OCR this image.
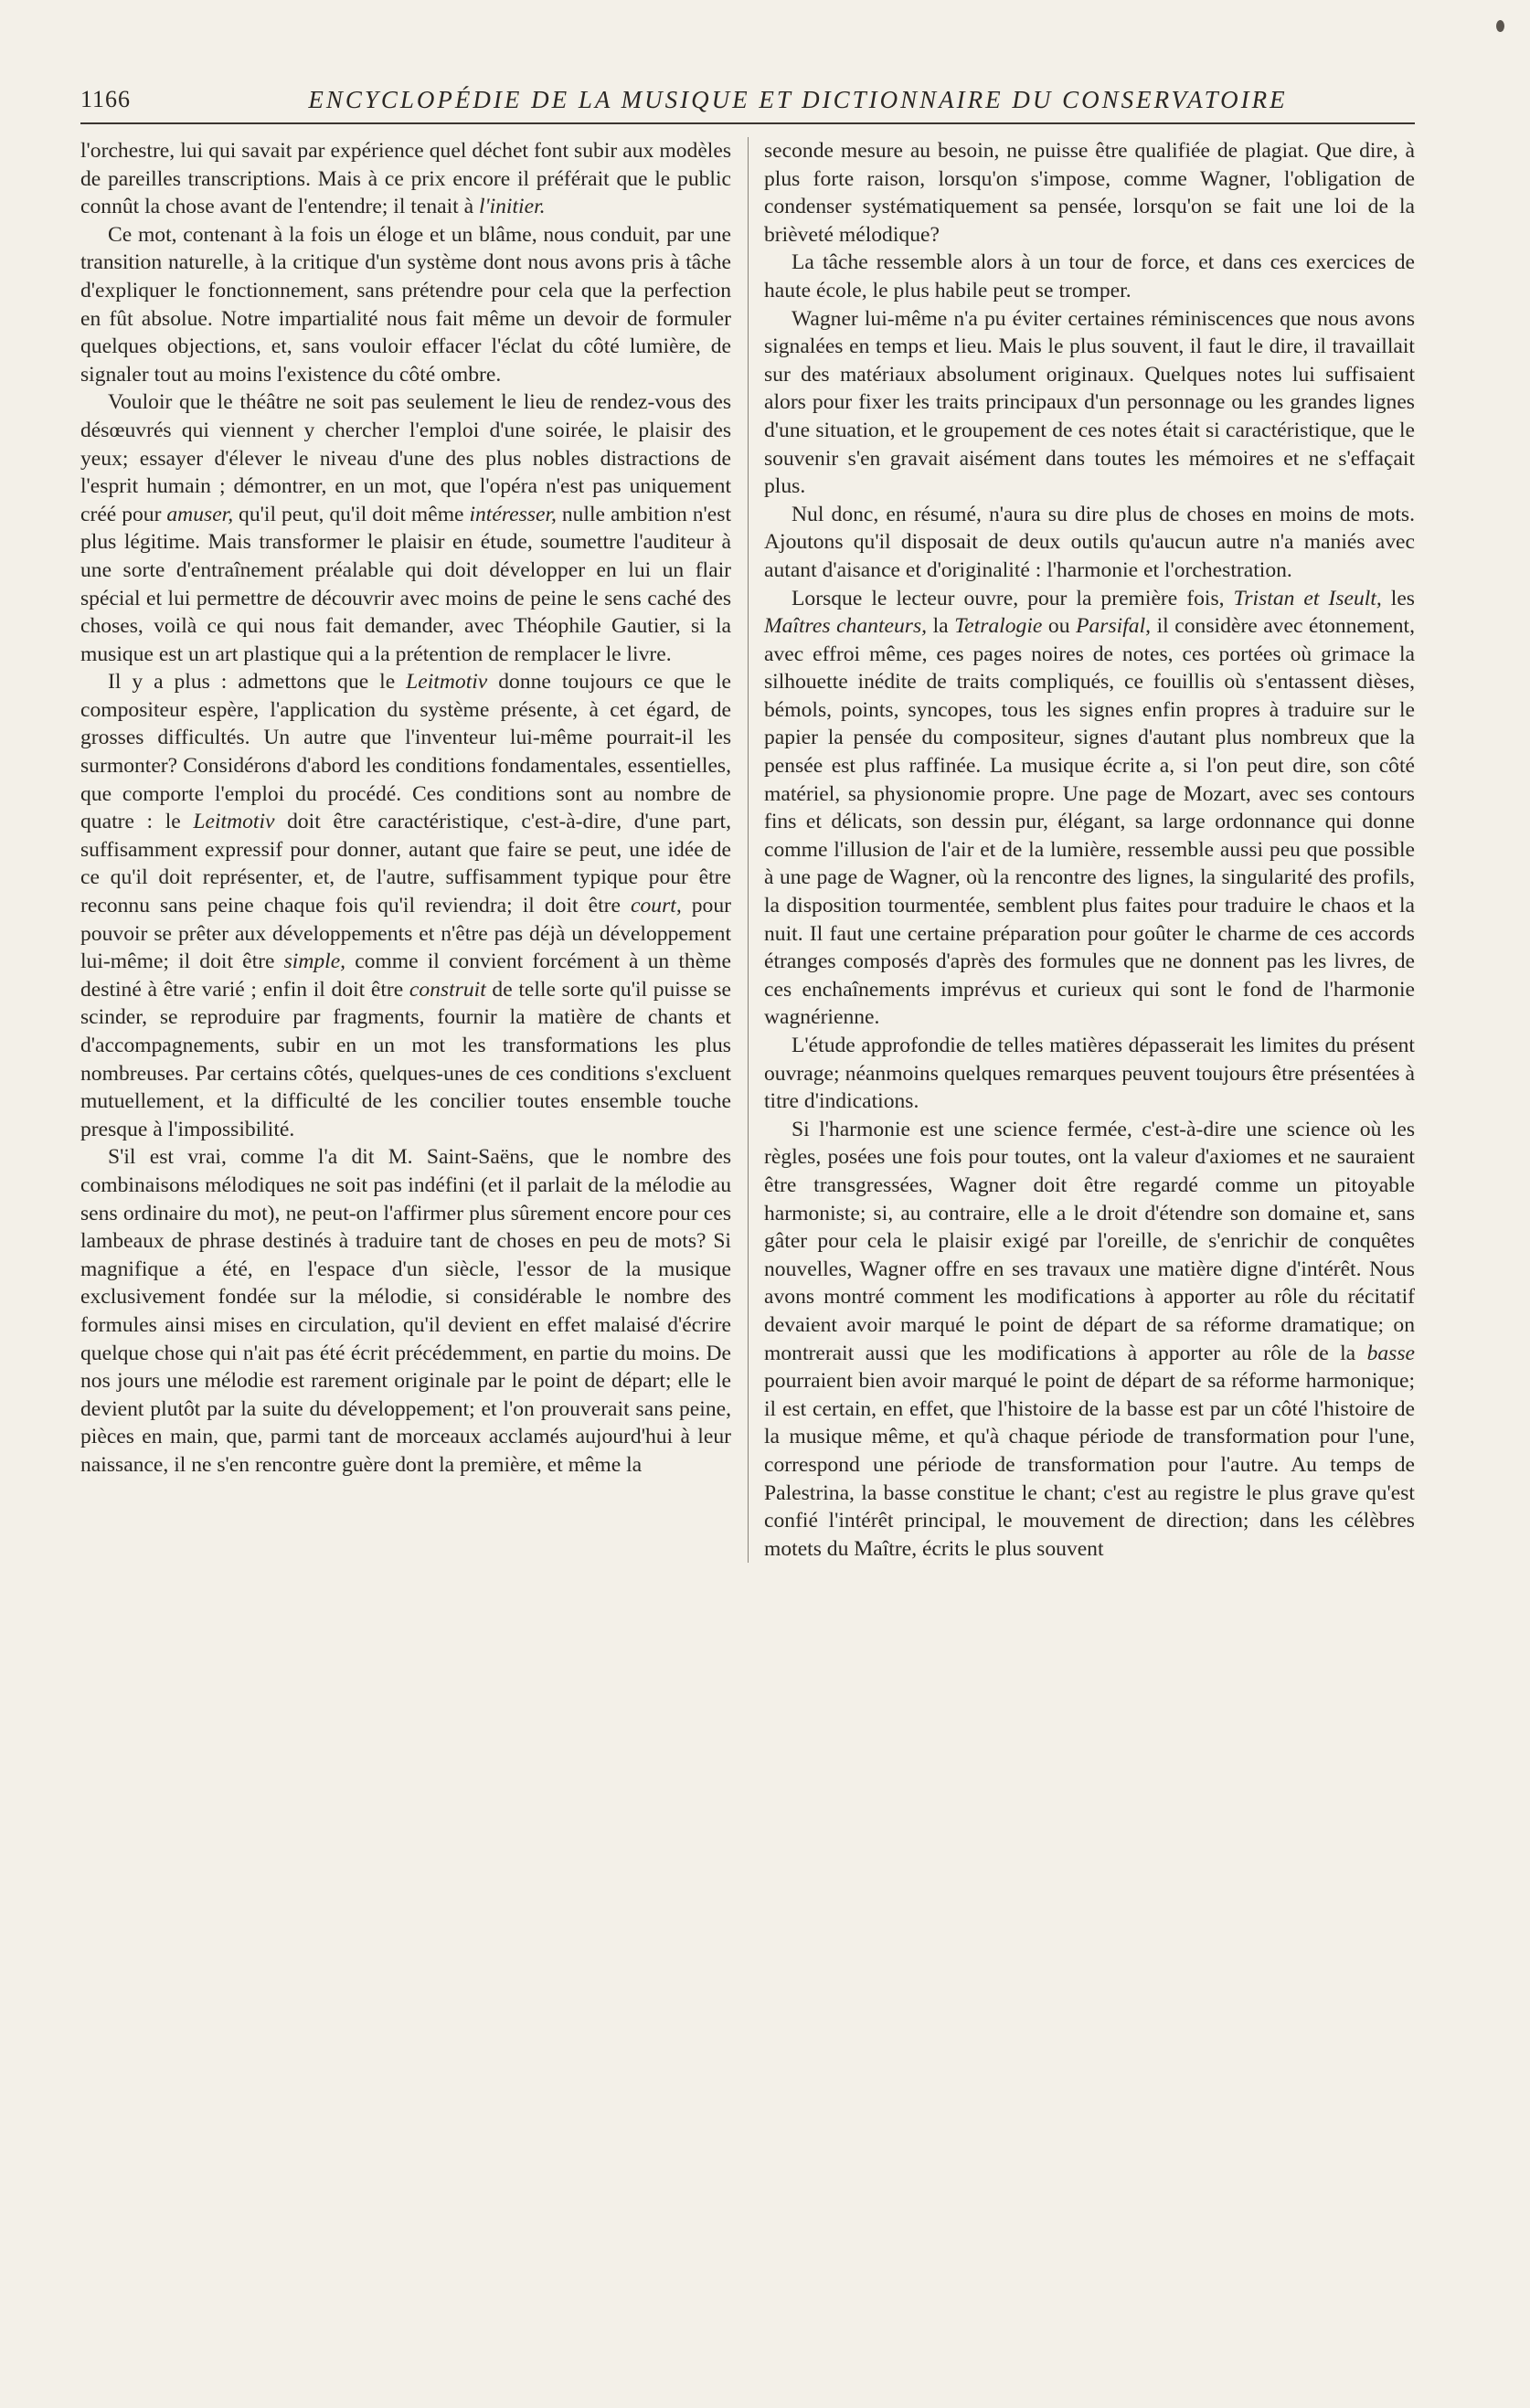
1166	ENCYCLOPÉDIE DE LA MUSIQUE ET DICTIONNAIRE DU CONSERVATOIRE

l'orchestre, lui qui savait par expérience quel déchet font subir aux modèles de pareilles transcriptions. Mais à ce prix encore il préférait que le public connût la chose avant de l'entendre; il tenait à l'initier.

Ce mot, contenant à la fois un éloge et un blâme, nous conduit, par une transition naturelle, à la critique d'un système dont nous avons pris à tâche d'expliquer le fonctionnement, sans prétendre pour cela que la perfection en fût absolue. Notre impartialité nous fait même un devoir de formuler quelques objections, et, sans vouloir effacer l'éclat du côté lumière, de signaler tout au moins l'existence du côté ombre.

Vouloir que le théâtre ne soit pas seulement le lieu de rendez-vous des désœuvrés qui viennent y chercher l'emploi d'une soirée, le plaisir des yeux; essayer d'élever le niveau d'une des plus nobles distractions de l'esprit humain ; démontrer, en un mot, que l'opéra n'est pas uniquement créé pour amuser, qu'il peut, qu'il doit même intéresser, nulle ambition n'est plus légitime. Mais transformer le plaisir en étude, soumettre l'auditeur à une sorte d'entraînement préalable qui doit développer en lui un flair spécial et lui permettre de découvrir avec moins de peine le sens caché des choses, voilà ce qui nous fait demander, avec Théophile Gautier, si la musique est un art plastique qui a la prétention de remplacer le livre.

Il y a plus : admettons que le Leitmotiv donne toujours ce que le compositeur espère, l'application du système présente, à cet égard, de grosses difficultés. Un autre que l'inventeur lui-même pourrait-il les surmonter? Considérons d'abord les conditions fondamentales, essentielles, que comporte l'emploi du procédé. Ces conditions sont au nombre de quatre : le Leitmotiv doit être caractéristique, c'est-à-dire, d'une part, suffisamment expressif pour donner, autant que faire se peut, une idée de ce qu'il doit représenter, et, de l'autre, suffisamment typique pour être reconnu sans peine chaque fois qu'il reviendra; il doit être court, pour pouvoir se prêter aux développements et n'être pas déjà un développement lui-même; il doit être simple, comme il convient forcément à un thème destiné à être varié ; enfin il doit être construit de telle sorte qu'il puisse se scinder, se reproduire par fragments, fournir la matière de chants et d'accompagnements, subir en un mot les transformations les plus nombreuses. Par certains côtés, quelques-unes de ces conditions s'excluent mutuellement, et la difficulté de les concilier toutes ensemble touche presque à l'impossibilité.

S'il est vrai, comme l'a dit M. Saint-Saëns, que le nombre des combinaisons mélodiques ne soit pas indéfini (et il parlait de la mélodie au sens ordinaire du mot), ne peut-on l'affirmer plus sûrement encore pour ces lambeaux de phrase destinés à traduire tant de choses en peu de mots? Si magnifique a été, en l'espace d'un siècle, l'essor de la musique exclusivement fondée sur la mélodie, si considérable le nombre des formules ainsi mises en circulation, qu'il devient en effet malaisé d'écrire quelque chose qui n'ait pas été écrit précédemment, en partie du moins. De nos jours une mélodie est rarement originale par le point de départ; elle le devient plutôt par la suite du développement; et l'on prouverait sans peine, pièces en main, que, parmi tant de morceaux acclamés aujourd'hui à leur naissance, il ne s'en rencontre guère dont la première, et même la

seconde mesure au besoin, ne puisse être qualifiée de plagiat. Que dire, à plus forte raison, lorsqu'on s'impose, comme Wagner, l'obligation de condenser systématiquement sa pensée, lorsqu'on se fait une loi de la brièveté mélodique?

La tâche ressemble alors à un tour de force, et dans ces exercices de haute école, le plus habile peut se tromper.

Wagner lui-même n'a pu éviter certaines réminiscences que nous avons signalées en temps et lieu. Mais le plus souvent, il faut le dire, il travaillait sur des matériaux absolument originaux. Quelques notes lui suffisaient alors pour fixer les traits principaux d'un personnage ou les grandes lignes d'une situation, et le groupement de ces notes était si caractéristique, que le souvenir s'en gravait aisément dans toutes les mémoires et ne s'effaçait plus.

Nul donc, en résumé, n'aura su dire plus de choses en moins de mots. Ajoutons qu'il disposait de deux outils qu'aucun autre n'a maniés avec autant d'aisance et d'originalité : l'harmonie et l'orchestration.

Lorsque le lecteur ouvre, pour la première fois, Tristan et Iseult, les Maîtres chanteurs, la Tetralogie ou Parsifal, il considère avec étonnement, avec effroi même, ces pages noires de notes, ces portées où grimace la silhouette inédite de traits compliqués, ce fouillis où s'entassent dièses, bémols, points, syncopes, tous les signes enfin propres à traduire sur le papier la pensée du compositeur, signes d'autant plus nombreux que la pensée est plus raffinée. La musique écrite a, si l'on peut dire, son côté matériel, sa physionomie propre. Une page de Mozart, avec ses contours fins et délicats, son dessin pur, élégant, sa large ordonnance qui donne comme l'illusion de l'air et de la lumière, ressemble aussi peu que possible à une page de Wagner, où la rencontre des lignes, la singularité des profils, la disposition tourmentée, semblent plus faites pour traduire le chaos et la nuit. Il faut une certaine préparation pour goûter le charme de ces accords étranges composés d'après des formules que ne donnent pas les livres, de ces enchaînements imprévus et curieux qui sont le fond de l'harmonie wagnérienne.

L'étude approfondie de telles matières dépasserait les limites du présent ouvrage; néanmoins quelques remarques peuvent toujours être présentées à titre d'indications.

Si l'harmonie est une science fermée, c'est-à-dire une science où les règles, posées une fois pour toutes, ont la valeur d'axiomes et ne sauraient être transgressées, Wagner doit être regardé comme un pitoyable harmoniste; si, au contraire, elle a le droit d'étendre son domaine et, sans gâter pour cela le plaisir exigé par l'oreille, de s'enrichir de conquêtes nouvelles, Wagner offre en ses travaux une matière digne d'intérêt. Nous avons montré comment les modifications à apporter au rôle du récitatif devaient avoir marqué le point de départ de sa réforme dramatique; on montrerait aussi que les modifications à apporter au rôle de la basse pourraient bien avoir marqué le point de départ de sa réforme harmonique; il est certain, en effet, que l'histoire de la basse est par un côté l'histoire de la musique même, et qu'à chaque période de transformation pour l'une, correspond une période de transformation pour l'autre. Au temps de Palestrina, la basse constitue le chant; c'est au registre le plus grave qu'est confié l'intérêt principal, le mouvement de direction; dans les célèbres motets du Maître, écrits le plus souvent
